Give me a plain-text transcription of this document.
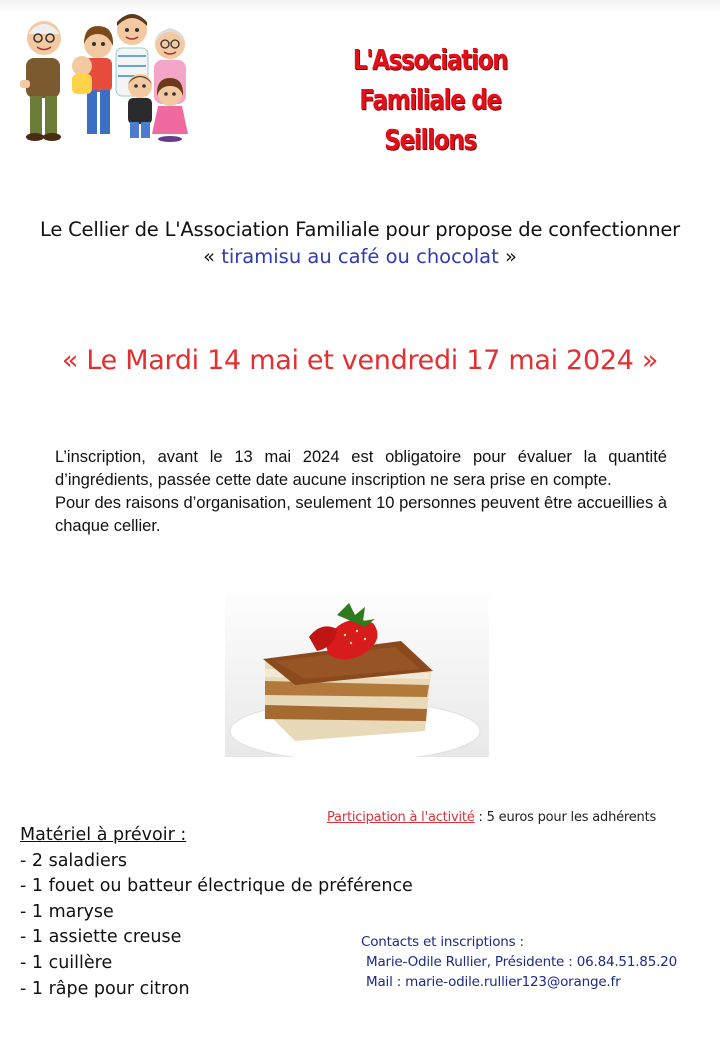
L'Association
Familiale de Seillons
Le Cellier de L'Association Familiale pour propose de confectionner
« tiramisu au café ou chocolat »
« Le Mardi 14 mai et vendredi 17 mai 2024 »

L’inscription, avant le 13 mai 2024 est obligatoire pour évaluer la quantité d’ingrédients, passée cette date aucune inscription ne sera prise en compte.

Pour des raisons d’organisation, seulement 10 personnes peuvent être accueillies à chaque cellier.

Participation à l'activité : 5 euros pour les adhérents
Matériel à prévoir :
- 2 saladiers
- 1 fouet ou batteur électrique de préférence
- 1 maryse
- 1 assiette creuse
- 1 cuillère
- 1 râpe pour citron
Contacts et inscriptions :
Marie-Odile Rullier, Présidente : 06.84.51.85.20
Mail : marie-odile.rullier123@orange.fr
